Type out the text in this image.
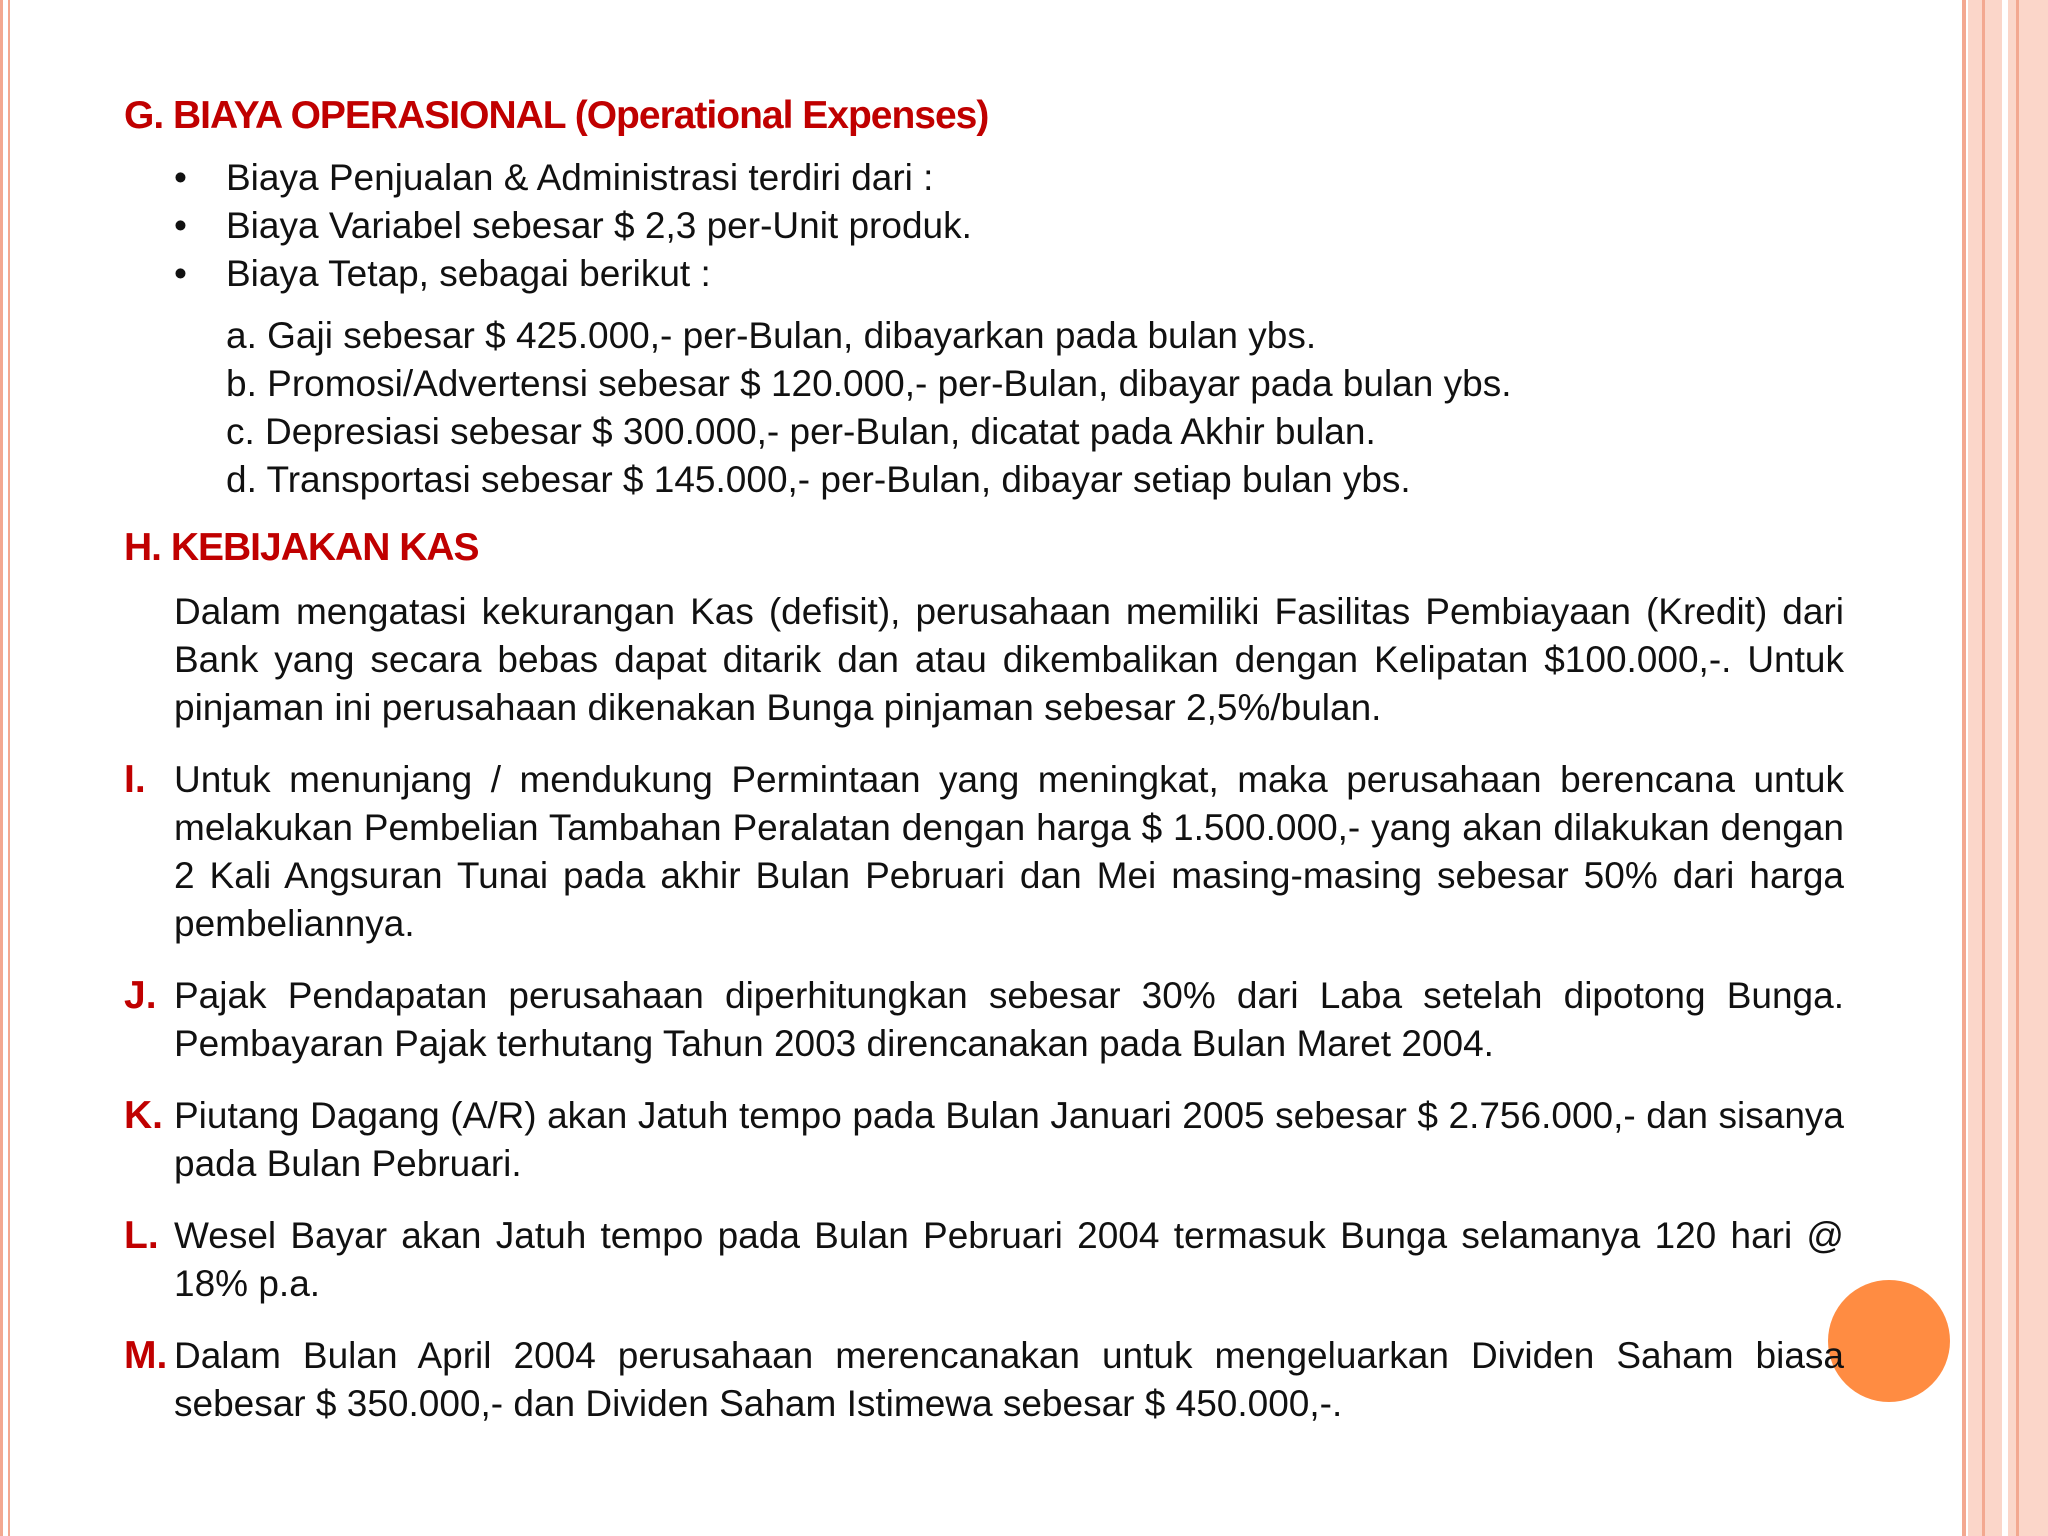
G. BIAYA OPERASIONAL (Operational Expenses)
•	Biaya Penjualan & Administrasi terdiri dari :
•	Biaya Variabel sebesar $ 2,3 per-Unit produk.
•	Biaya Tetap, sebagai berikut :
a. Gaji sebesar $ 425.000,- per-Bulan, dibayarkan pada bulan ybs.
b. Promosi/Advertensi sebesar $ 120.000,- per-Bulan, dibayar pada bulan ybs.
c. Depresiasi sebesar $ 300.000,- per-Bulan, dicatat pada Akhir bulan.
d. Transportasi sebesar $ 145.000,- per-Bulan, dibayar setiap bulan ybs.
H. KEBIJAKAN KAS

Dalam mengatasi kekurangan Kas (defisit), perusahaan memiliki Fasilitas Pembiayaan (Kredit) dari Bank yang secara bebas dapat ditarik dan atau dikembalikan dengan Kelipatan $100.000,-. Untuk pinjaman ini perusahaan dikenakan Bunga pinjaman sebesar 2,5%/bulan.

I. Untuk menunjang / mendukung Permintaan yang meningkat, maka perusahaan berencana untuk melakukan Pembelian Tambahan Peralatan dengan harga $ 1.500.000,- yang akan dilakukan dengan 2 Kali Angsuran Tunai pada akhir Bulan Pebruari dan Mei masing-masing sebesar 50% dari harga pembeliannya.
J. Pajak Pendapatan perusahaan diperhitungkan sebesar 30% dari Laba setelah dipotong Bunga. Pembayaran Pajak terhutang Tahun 2003 direncanakan pada Bulan Maret 2004.
K. Piutang Dagang (A/R) akan Jatuh tempo pada Bulan Januari 2005 sebesar $ 2.756.000,- dan sisanya pada Bulan Pebruari.
L. Wesel Bayar akan Jatuh tempo pada Bulan Pebruari 2004 termasuk Bunga selamanya 120 hari @ 18% p.a.
M. Dalam Bulan April 2004 perusahaan merencanakan untuk mengeluarkan Dividen Saham biasa sebesar $ 350.000,- dan Dividen Saham Istimewa sebesar $ 450.000,-.
